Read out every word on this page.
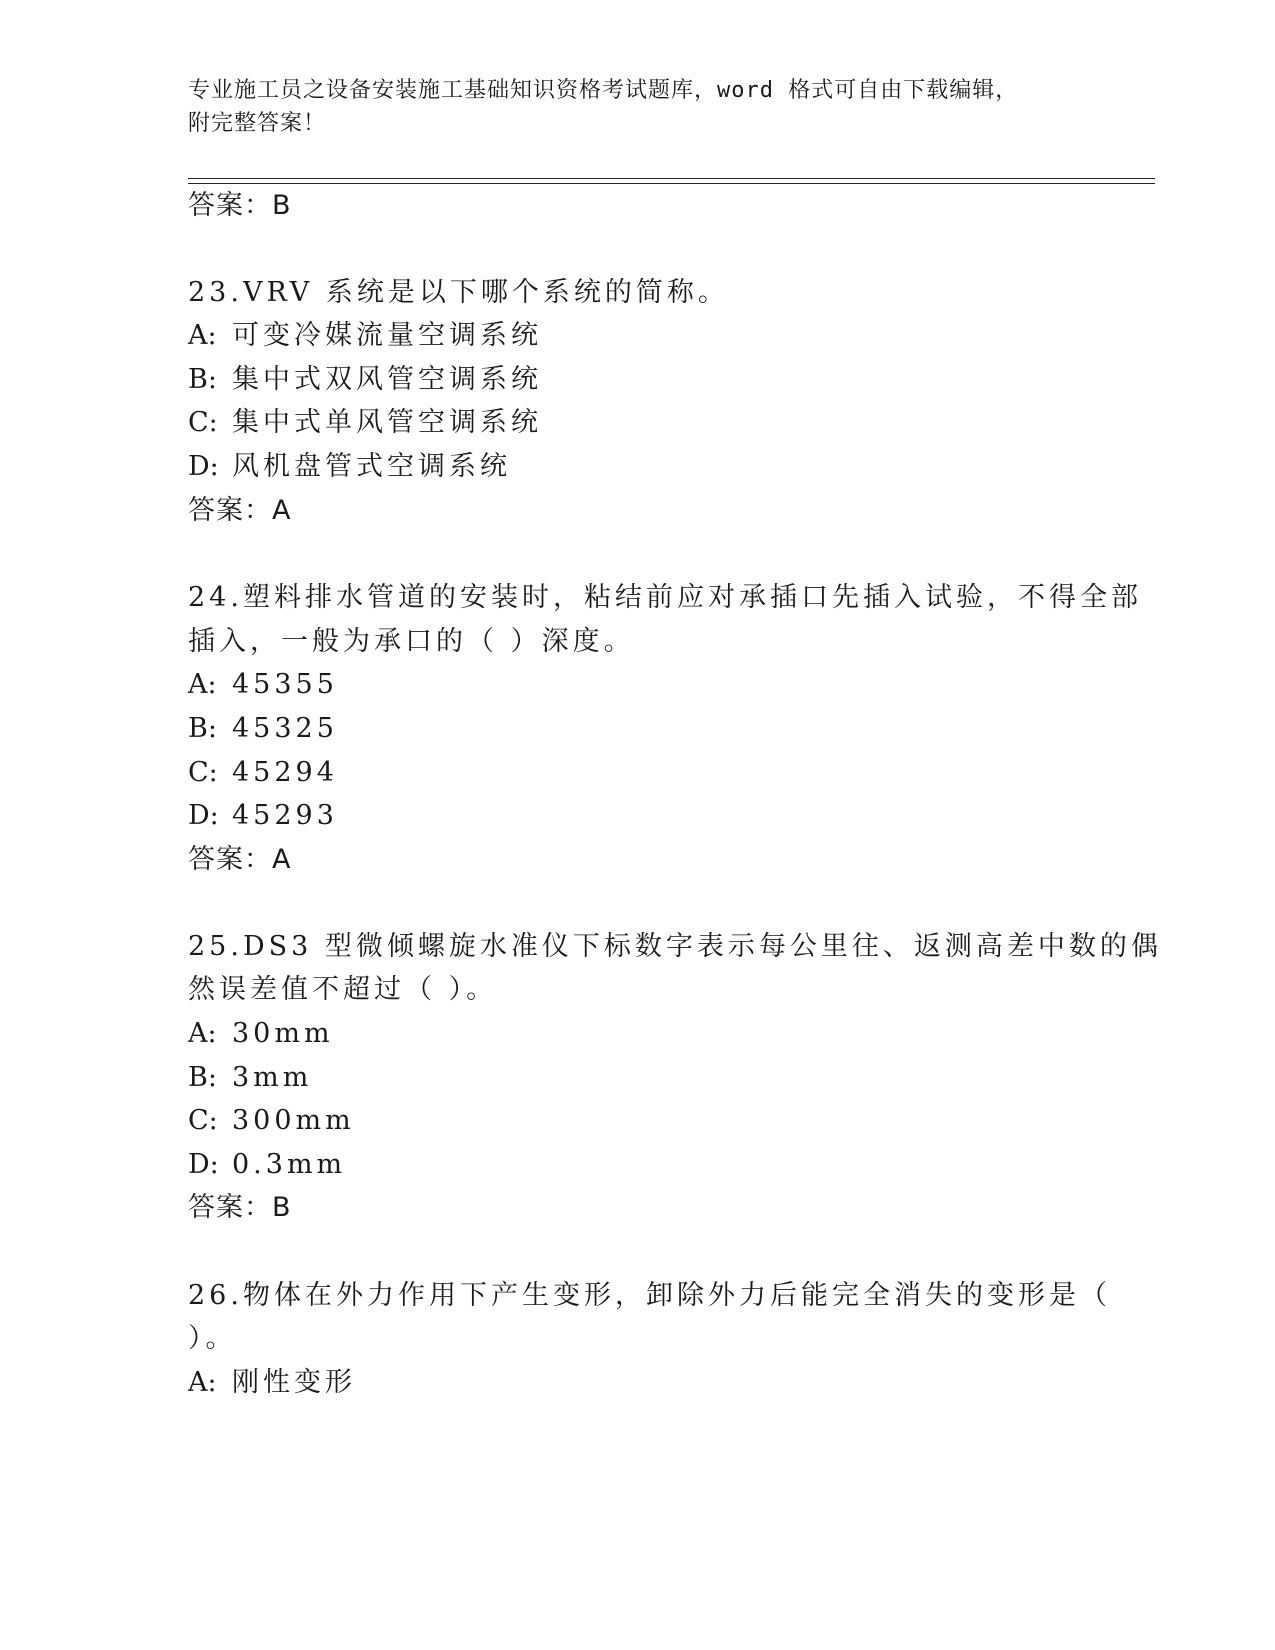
专业施工员之设备安装施工基础知识资格考试题库，word 格式可自由下载编辑，
附完整答案！
答案：B
23.VRV 系统是以下哪个系统的简称。
A: 可变冷媒流量空调系统
B: 集中式双风管空调系统
C: 集中式单风管空调系统
D: 风机盘管式空调系统
答案：A
24.塑料排水管道的安装时，粘结前应对承插口先插入试验，不得全部
插入，一般为承口的（ ）深度。
A: 45355
B: 45325
C: 45294
D: 45293
答案：A
25.DS3 型微倾螺旋水准仪下标数字表示每公里往、返测高差中数的偶
然误差值不超过（ ）。
A: 30mm
B: 3mm
C: 300mm
D: 0.3mm
答案：B
26.物体在外力作用下产生变形，卸除外力后能完全消失的变形是（
）。
A: 刚性变形
